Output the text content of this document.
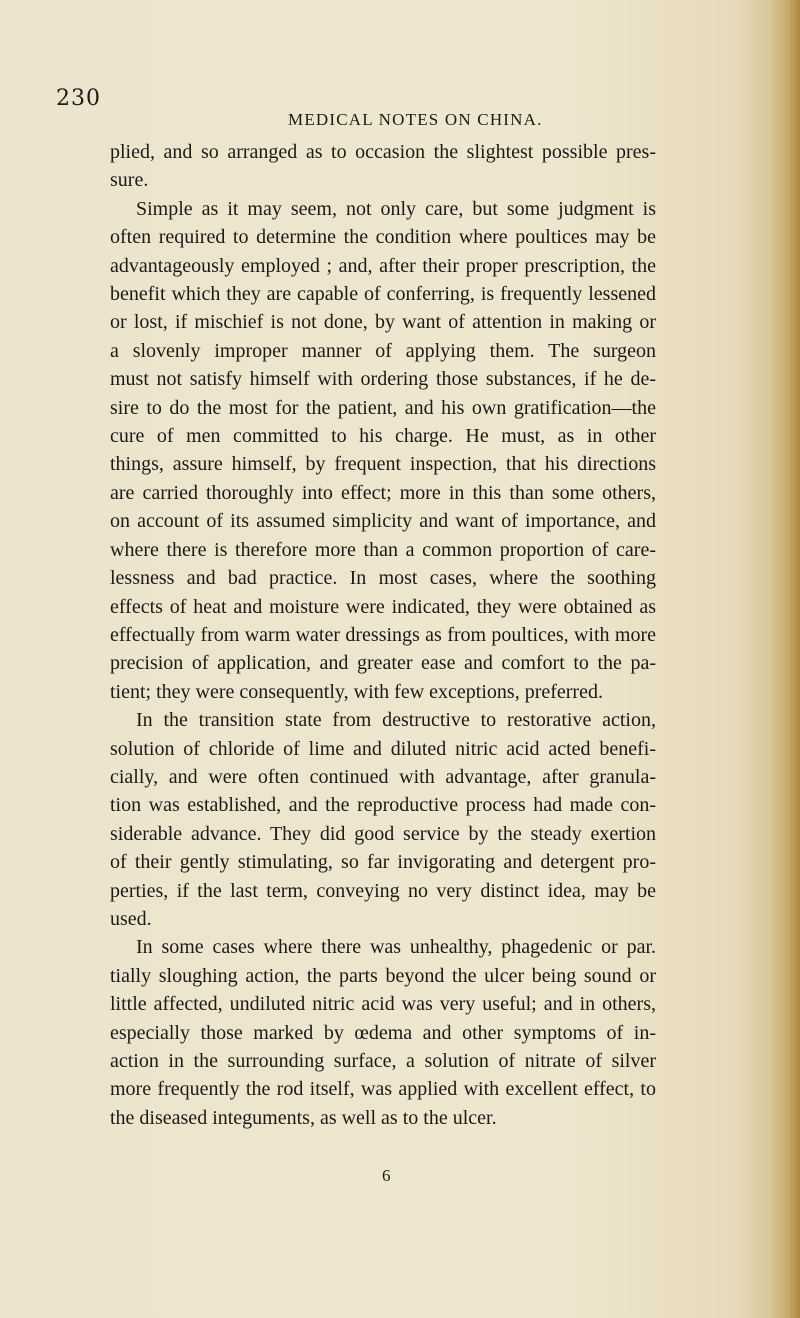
230
MEDICAL NOTES ON CHINA.
plied, and so arranged as to occasion the slightest possible pres-
sure.
Simple as it may seem, not only care, but some judgment is
often required to determine the condition where poultices may be
advantageously employed ; and, after their proper prescription, the
benefit which they are capable of conferring, is frequently lessened
or lost, if mischief is not done, by want of attention in making or
a slovenly improper manner of applying them. The surgeon
must not satisfy himself with ordering those substances, if he de-
sire to do the most for the patient, and his own gratification—the
cure of men committed to his charge. He must, as in other
things, assure himself, by frequent inspection, that his directions
are carried thoroughly into effect; more in this than some others,
on account of its assumed simplicity and want of importance, and
where there is therefore more than a common proportion of care-
lessness and bad practice. In most cases, where the soothing
effects of heat and moisture were indicated, they were obtained as
effectually from warm water dressings as from poultices, with more
precision of application, and greater ease and comfort to the pa-
tient; they were consequently, with few exceptions, preferred.
In the transition state from destructive to restorative action,
solution of chloride of lime and diluted nitric acid acted benefi-
cially, and were often continued with advantage, after granula-
tion was established, and the reproductive process had made con-
siderable advance. They did good service by the steady exertion
of their gently stimulating, so far invigorating and detergent pro-
perties, if the last term, conveying no very distinct idea, may be
used.
In some cases where there was unhealthy, phagedenic or par.
tially sloughing action, the parts beyond the ulcer being sound or
little affected, undiluted nitric acid was very useful; and in others,
especially those marked by œdema and other symptoms of in-
action in the surrounding surface, a solution of nitrate of silver
more frequently the rod itself, was applied with excellent effect, to
the diseased integuments, as well as to the ulcer.
6
